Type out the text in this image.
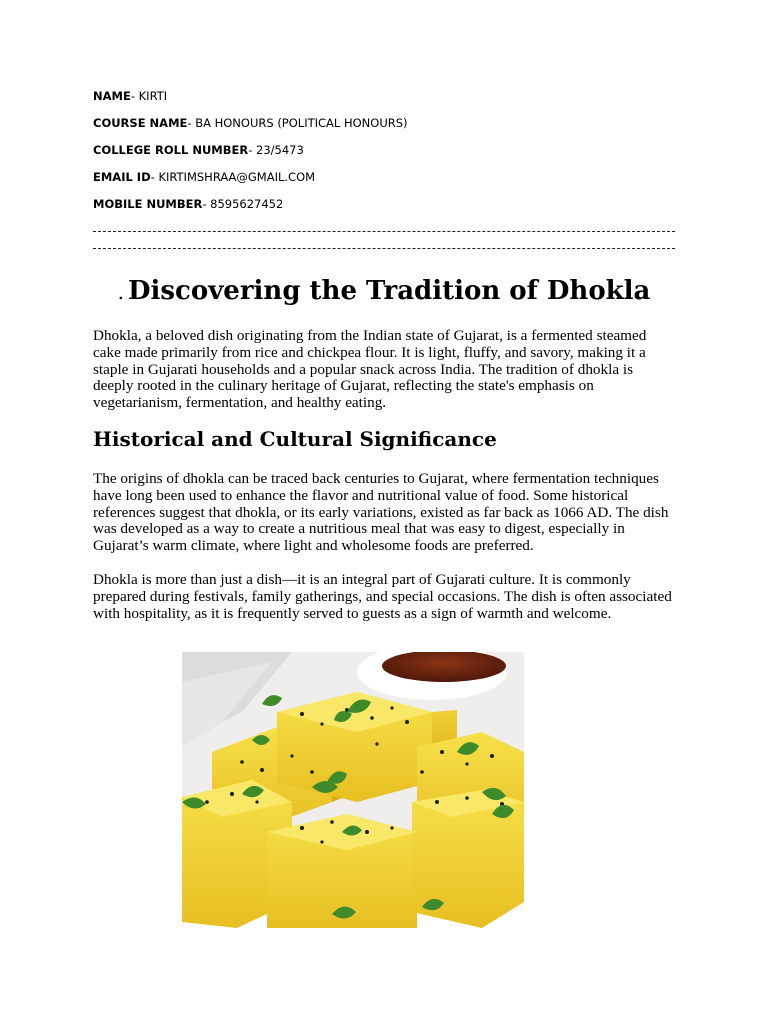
NAME- KIRTI
COURSE NAME- BA HONOURS (POLITICAL HONOURS)
COLLEGE ROLL NUMBER- 23/5473
EMAIL ID- KIRTIMSHRAA@GMAIL.COM
MOBILE NUMBER- 8595627452
. Discovering the Tradition of Dhokla

Dhokla, a beloved dish originating from the Indian state of Gujarat, is a fermented steamed cake made primarily from rice and chickpea flour. It is light, fluffy, and savory, making it a staple in Gujarati households and a popular snack across India. The tradition of dhokla is deeply rooted in the culinary heritage of Gujarat, reflecting the state's emphasis on vegetarianism, fermentation, and healthy eating.

Historical and Cultural Significance

The origins of dhokla can be traced back centuries to Gujarat, where fermentation techniques have long been used to enhance the flavor and nutritional value of food. Some historical references suggest that dhokla, or its early variations, existed as far back as 1066 AD. The dish was developed as a way to create a nutritious meal that was easy to digest, especially in Gujarat’s warm climate, where light and wholesome foods are preferred.

Dhokla is more than just a dish—it is an integral part of Gujarati culture. It is commonly prepared during festivals, family gatherings, and special occasions. The dish is often associated with hospitality, as it is frequently served to guests as a sign of warmth and welcome.
